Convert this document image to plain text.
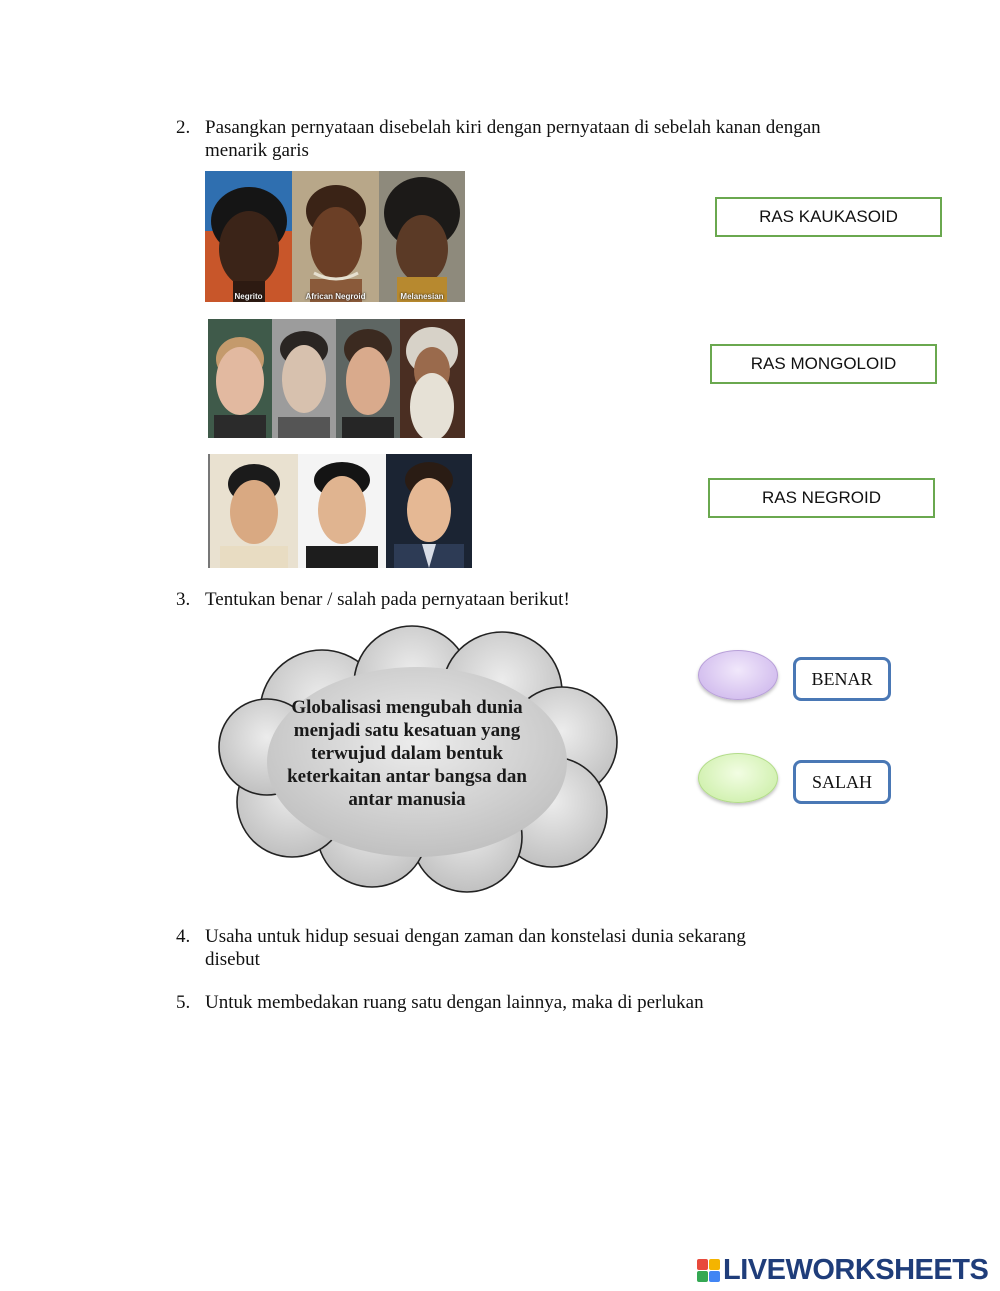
2. Pasangkan pernyataan disebelah kiri dengan pernyataan di sebelah kanan dengan
menarik garis
Negrito	African Negroid	Melanesian
RAS KAUKASOID
RAS MONGOLOID
RAS NEGROID
3. Tentukan benar / salah pada pernyataan berikut!
Globalisasi mengubah dunia menjadi satu kesatuan yang terwujud dalam bentuk keterkaitan antar bangsa dan antar manusia
BENAR
SALAH
4. Usaha untuk hidup sesuai dengan zaman dan konstelasi dunia sekarang
disebut
5. Untuk membedakan ruang satu dengan lainnya, maka di perlukan
LIVEWORKSHEETS
